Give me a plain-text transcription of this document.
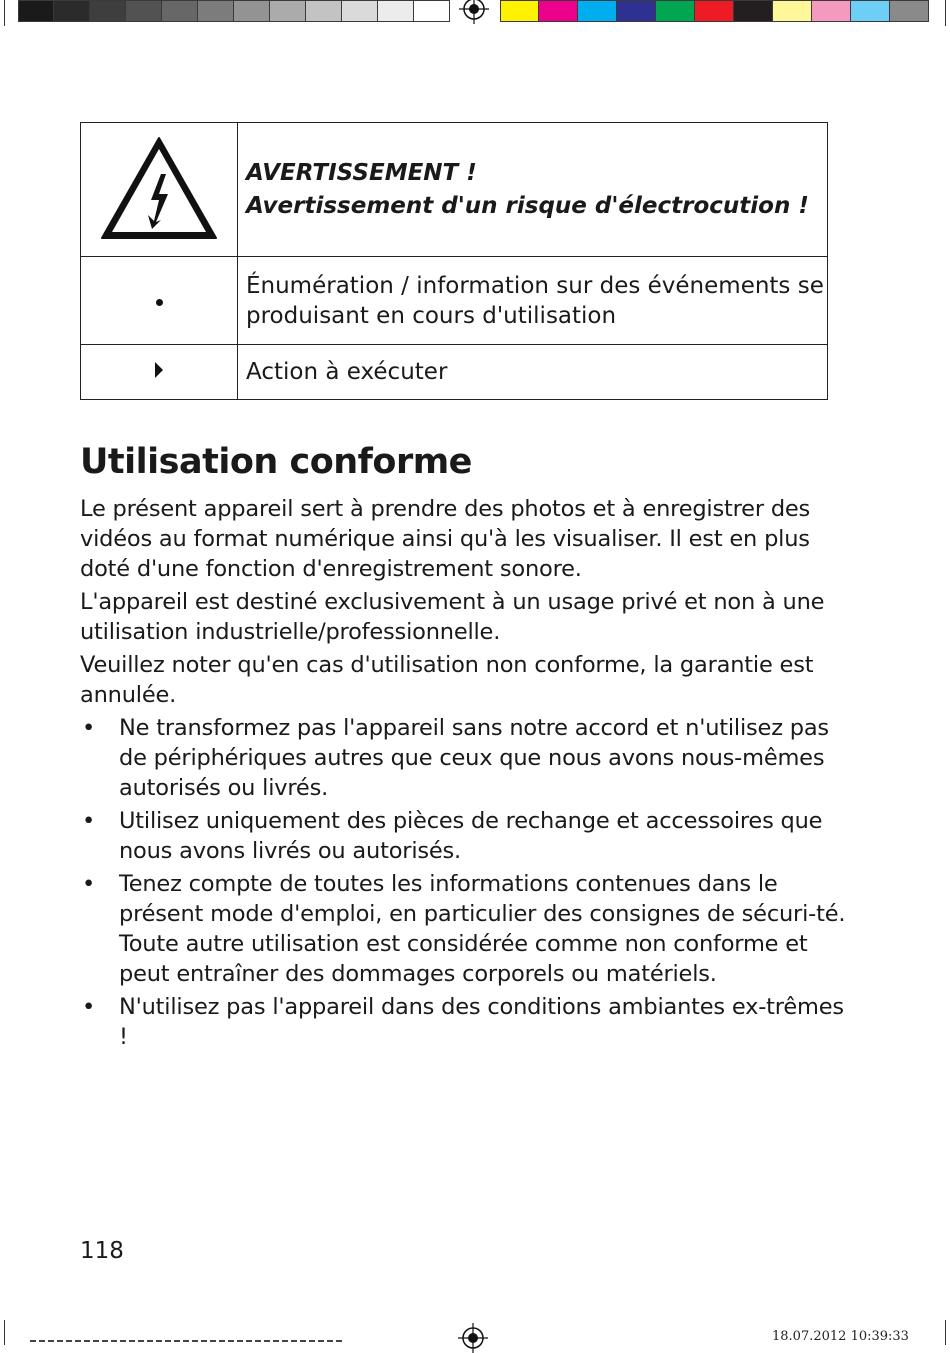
AVERTISSEMENT !
Avertissement d'un risque d'électrocution !

	Énumération / information sur des événements se produisant en cours d'utilisation
	Action à exécuter
Utilisation conforme

Le présent appareil sert à prendre des photos et à enregistrer des vidéos au format numérique ainsi qu'à les visualiser. Il est en plus doté d'une fonction d'enregistrement sonore.

L'appareil est destiné exclusivement à un usage privé et non à une utilisation industrielle/professionnelle.

Veuillez noter qu'en cas d'utilisation non conforme, la garantie est annulée.

• Ne transformez pas l'appareil sans notre accord et n'utilisez pas de périphériques autres que ceux que nous avons nous-mêmes autorisés ou livrés.
• Utilisez uniquement des pièces de rechange et accessoires que nous avons livrés ou autorisés.
• Tenez compte de toutes les informations contenues dans le présent mode d'emploi, en particulier des consignes de sécuri-té. Toute autre utilisation est considérée comme non conforme et peut entraîner des dommages corporels ou matériels.
• N'utilisez pas l'appareil dans des conditions ambiantes ex-trêmes !
118
18.07.2012 10:39:33
